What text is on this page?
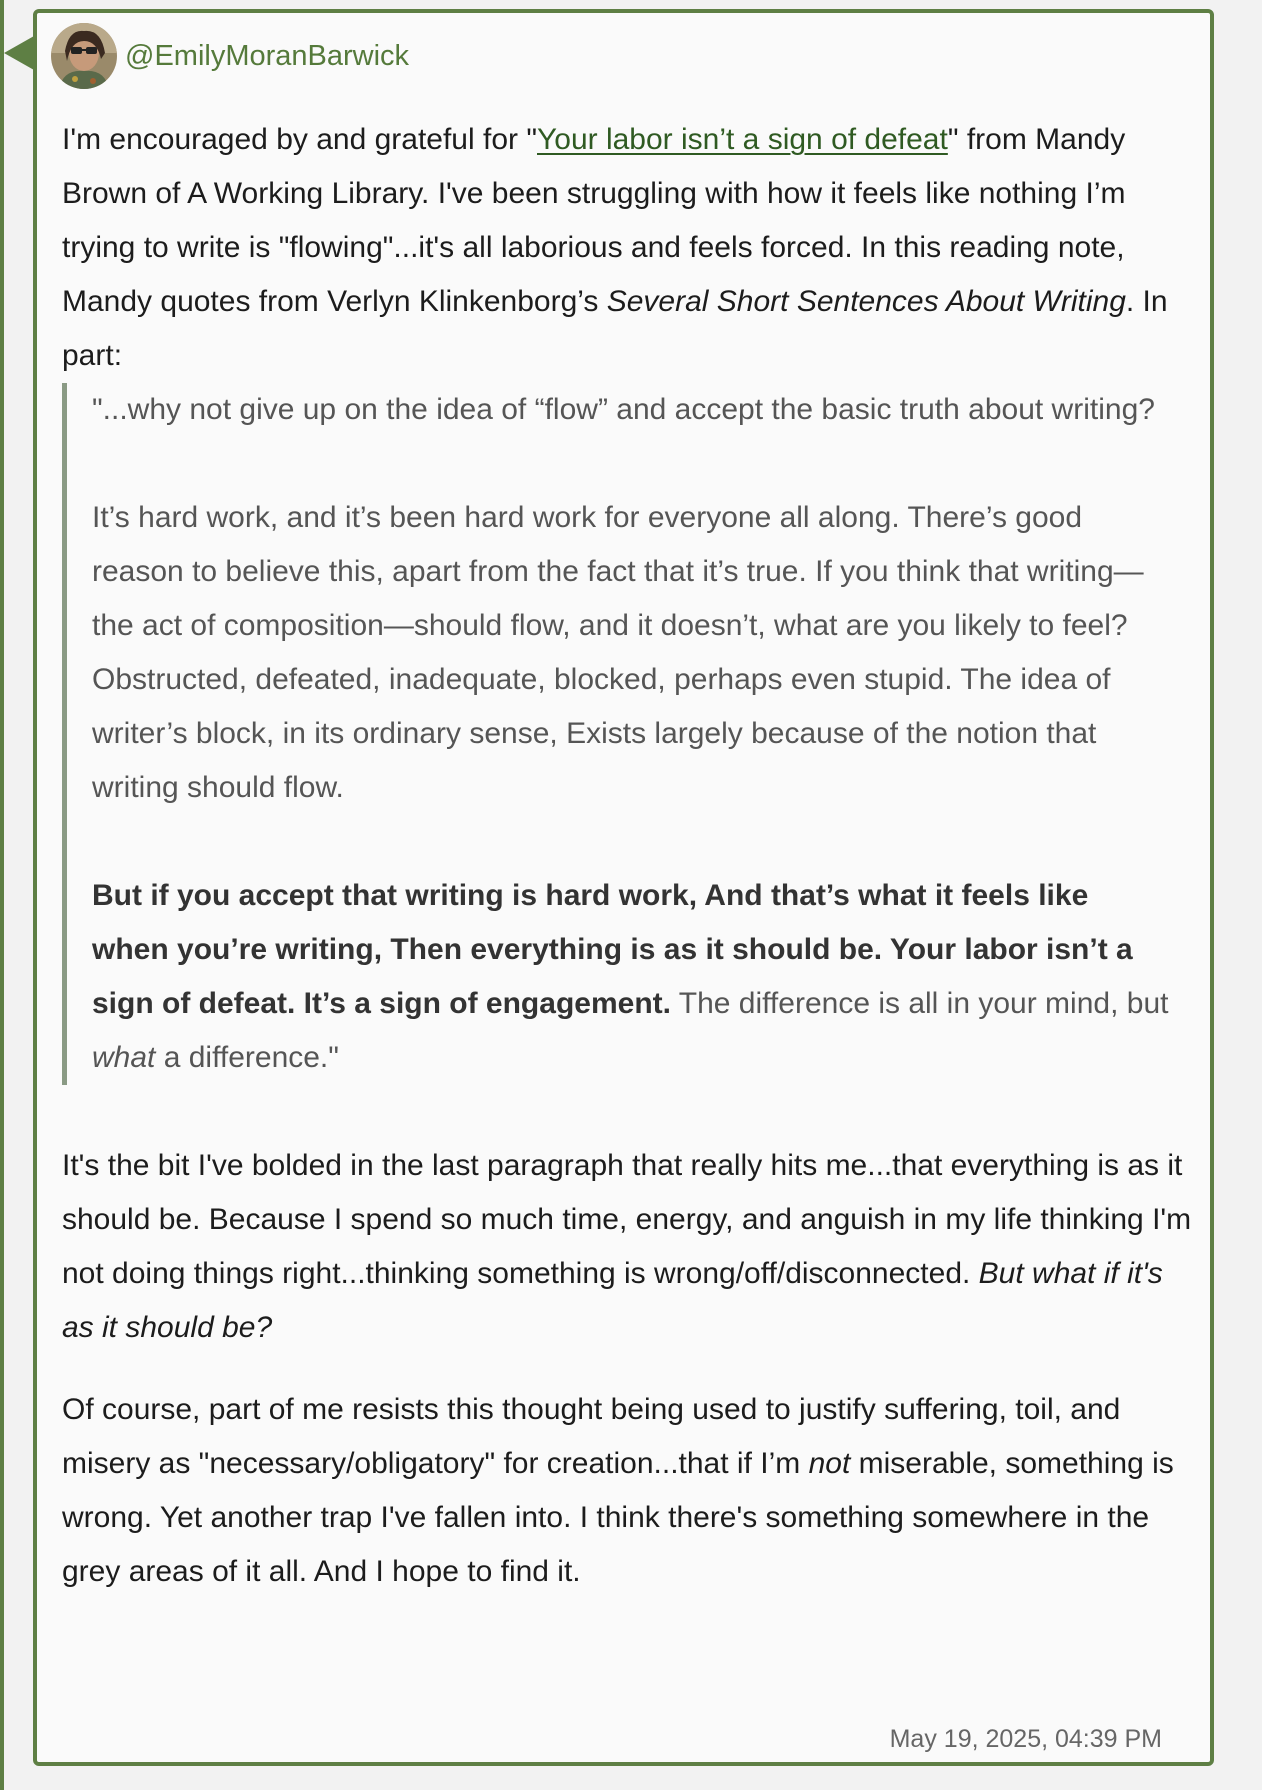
@EmilyMoranBarwick

I'm encouraged by and grateful for "Your labor isn’t a sign of defeat" from Mandy Brown of A Working Library. I've been struggling with how it feels like nothing I’m trying to write is "flowing"...it's all laborious and feels forced. In this reading note, Mandy quotes from Verlyn Klinkenborg’s Several Short Sentences About Writing. In part:

"...why not give up on the idea of “flow” and accept the basic truth about writing?

It’s hard work, and it’s been hard work for everyone all along. There’s good reason to believe this, apart from the fact that it’s true. If you think that writing—the act of composition—should flow, and it doesn’t, what are you likely to feel? Obstructed, defeated, inadequate, blocked, perhaps even stupid. The idea of writer’s block, in its ordinary sense, Exists largely because of the notion that writing should flow.

But if you accept that writing is hard work, And that’s what it feels like when you’re writing, Then everything is as it should be. Your labor isn’t a sign of defeat. It’s a sign of engagement. The difference is all in your mind, but what a difference."

It's the bit I've bolded in the last paragraph that really hits me...that everything is as it should be. Because I spend so much time, energy, and anguish in my life thinking I'm not doing things right...thinking something is wrong/off/disconnected. But what if it's as it should be?

Of course, part of me resists this thought being used to justify suffering, toil, and misery as "necessary/obligatory" for creation...that if I’m not miserable, something is wrong. Yet another trap I've fallen into. I think there's something somewhere in the grey areas of it all. And I hope to find it.

May 19, 2025, 04:39 PM
